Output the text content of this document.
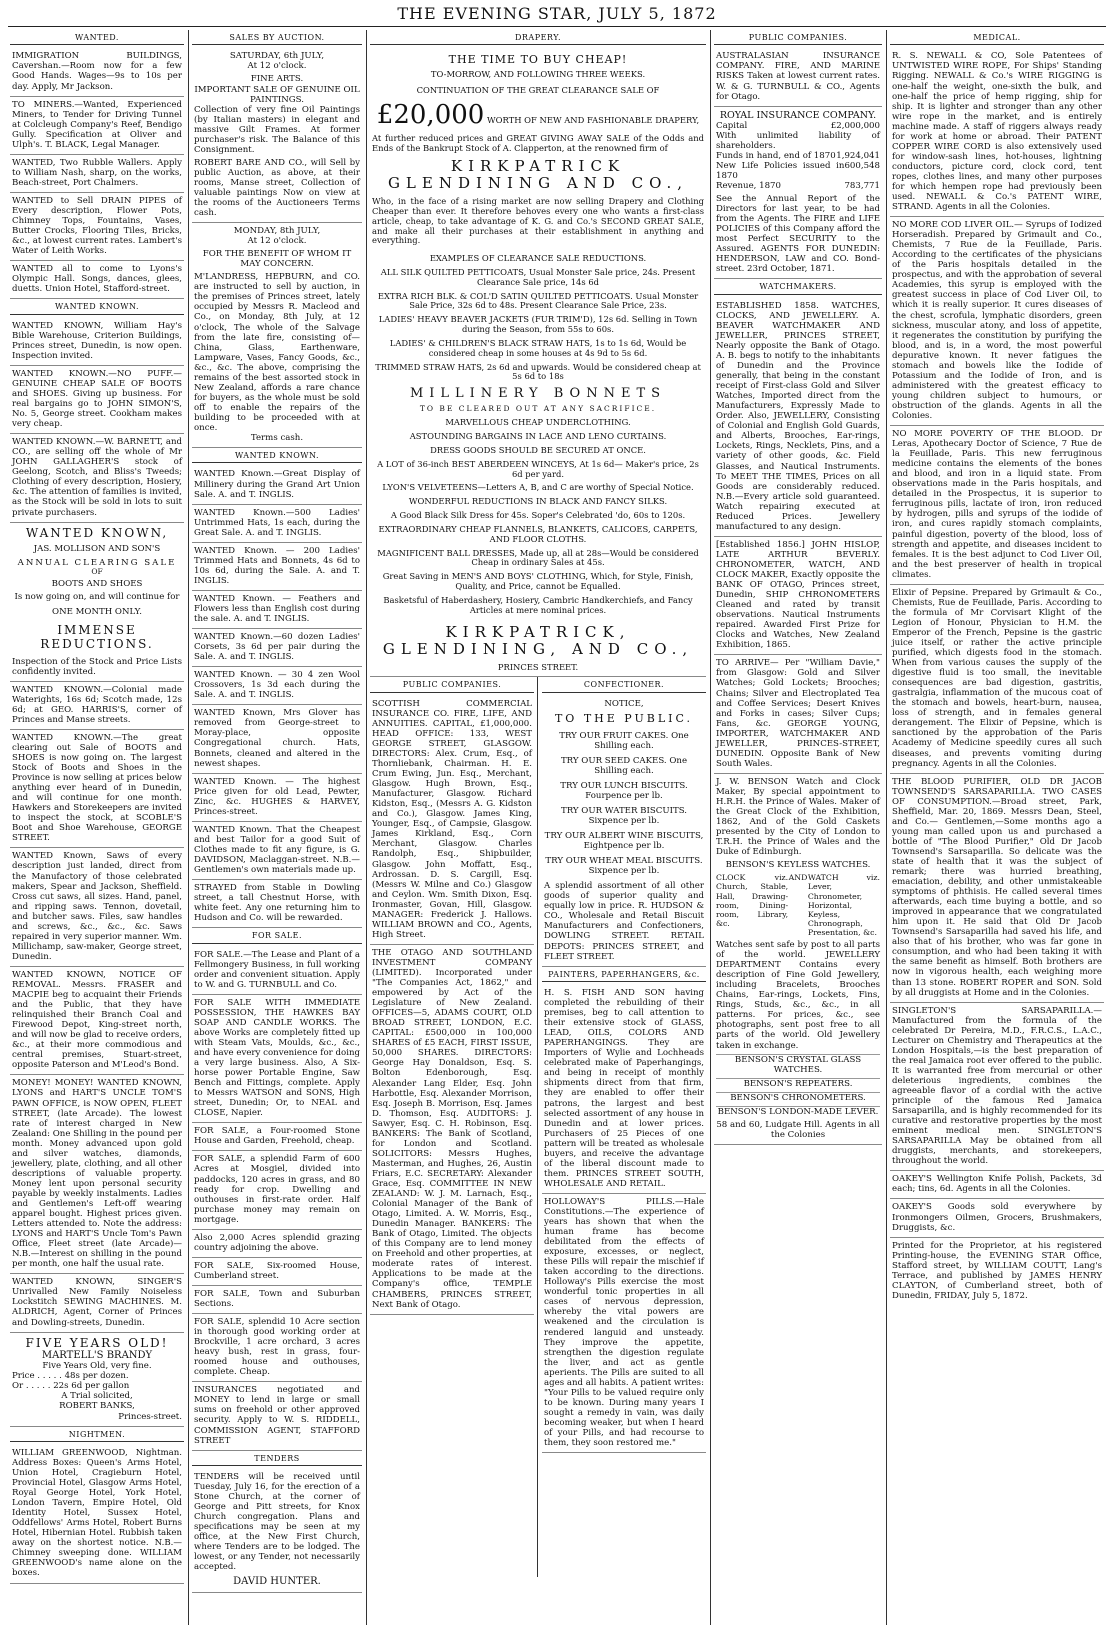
THE EVENING STAR, JULY 5, 1872
WANTED.

IMMIGRATION BUILDINGS, Cavershan.—Room now for a few Good Hands. Wages—9s to 10s per day. Apply, Mr Jackson.

TO MINERS.—Wanted, Experienced Miners, to Tender for Driving Tunnel at Colcleugh Company's Reef, Bendigo Gully. Specification at Oliver and Ulph's. T. BLACK, Legal Manager.

WANTED, Two Rubble Wallers. Apply to William Nash, sharp, on the works, Beach-street, Port Chalmers.

WANTED to Sell DRAIN PIPES of Every description, Flower Pots, Chimney Tops, Fountains, Vases, Butter Crocks, Flooring Tiles, Bricks, &c., at lowest current rates. Lambert's Water of Leith Works.

WANTED all to come to Lyons's Olympic Hall. Songs, dances, glees, duetts. Union Hotel, Stafford-street.

WANTED KNOWN.

WANTED KNOWN, William Hay's Bible Warehouse, Criterion Buildings, Princes street, Dunedin, is now open. Inspection invited.

WANTED KNOWN.—NO PUFF.— GENUINE CHEAP SALE OF BOOTS and SHOES. Giving up business. For real bargains go to JOHN SIMON'S, No. 5, George street. Cookham makes very cheap.

WANTED KNOWN.—W. BARNETT, and CO., are selling off the whole of Mr JOHN GALLAGHER'S stock of Geelong, Scotch, and Bliss's Tweeds; Clothing of every description, Hosiery, &c. The attention of families is invited, as the Stock will be sold in lots to suit private purchasers.

WANTED KNOWN,
JAS. MOLLISON AND SON'S
ANNUAL CLEARING SALE
OF
BOOTS AND SHOES
Is now going on, and will continue for
ONE MONTH ONLY.
IMMENSE REDUCTIONS.

Inspection of the Stock and Price Lists confidently invited.

WANTED KNOWN.—Colonial made Waterights, 16s 6d; Scotch made, 12s 6d; at GEO. HARRIS'S, corner of Princes and Manse streets.

WANTED KNOWN.—The great clearing out Sale of BOOTS and SHOES is now going on. The largest Stock of Boots and Shoes in the Province is now selling at prices below anything ever heard of in Dunedin, and will continue for one month. Hawkers and Storekeepers are invited to inspect the stock, at SCOBLE'S Boot and Shoe Warehouse, GEORGE STREET.

WANTED Known, Saws of every description just landed, direct from the Manufactory of those celebrated makers, Spear and Jackson, Sheffield. Cross cut saws, all sizes. Hand, panel, and ripping saws. Tennon, dovetail, and butcher saws. Files, saw handles and screws, &c., &c., &c. Saws repaired in very superior manner. Wm. Millichamp, saw-maker, George street, Dunedin.

WANTED KNOWN, NOTICE OF REMOVAL. Messrs. FRASER and MACPIE beg to acquaint their Friends and the Public, that they have relinquished their Branch Coal and Firewood Depot, King-street north, and will now be glad to receive orders, &c., at their more commodious and central premises, Stuart-street, opposite Paterson and M'Leod's Bond.

MONEY! MONEY! WANTED KNOWN, LYONS and HART'S UNCLE TOM'S PAWN OFFICE, is NOW OPEN, FLEET STREET, (late Arcade). The lowest rate of interest charged in New Zealand: One Shilling in the pound per month. Money advanced upon gold and silver watches, diamonds, jewellery, plate, clothing, and all other descriptions of valuable property. Money lent upon personal security payable by weekly instalments. Ladies and Gentlemen's Left-off wearing apparel bought. Highest prices given. Letters attended to. Note the address: LYONS and HART'S Uncle Tom's Pawn Office, Fleet street (late Arcade)— N.B.—Interest on shilling in the pound per month, one half the usual rate.

WANTED KNOWN, SINGER'S Unrivalled New Family Noiseless Lockstitch SEWING MACHINES. M. ALDRICH, Agent, Corner of Princes and Dowling-streets, Dunedin.

FIVE YEARS OLD!
MARTELL'S BRANDY
Five Years Old, very fine.
Price . . . . . 48s per dozen.
Or . . . . . 22s 6d per gallon
A Trial solicited,
ROBERT BANKS,
Princes-street.
NIGHTMEN.

WILLIAM GREENWOOD, Nightman. Address Boxes: Queen's Arms Hotel, Union Hotel, Cragieburn Hotel, Provincial Hotel, Glasgow Arms Hotel, Royal George Hotel, York Hotel, London Tavern, Empire Hotel, Old Identity Hotel, Sussex Hotel, Oddfellows' Arms Hotel, Robert Burns Hotel, Hibernian Hotel. Rubbish taken away on the shortest notice. N.B.—Chimney sweeping done. WILLIAM GREENWOOD's name alone on the boxes.

SALES BY AUCTION.
SATURDAY, 6th JULY,
At 12 o'clock.
FINE ARTS.
IMPORTANT SALE OF GENUINE OIL PAINTINGS.

Collection of very fine Oil Paintings (by Italian masters) in elegant and massive Gilt Frames. At former purchaser's risk. The Balance of this Consignment.

ROBERT BARE AND CO., will Sell by public Auction, as above, at their rooms, Manse street, Collection of valuable paintings Now on view at the rooms of the Auctioneers Terms cash.

MONDAY, 8th JULY,
At 12 o'clock.
FOR THE BENEFIT OF WHOM IT MAY CONCERN.

M'LANDRESS, HEPBURN, and CO. are instructed to sell by auction, in the premises of Princes street, lately occupied by Messrs R. Macleod and Co., on Monday, 8th July, at 12 o'clock, The whole of the Salvage from the late fire, consisting of— China, Glass, Earthenware, Lampware, Vases, Fancy Goods, &c., &c., &c. The above, comprising the remains of the best assorted stock in New Zealand, affords a rare chance for buyers, as the whole must be sold off to enable the repairs of the building to be proceeded with at once.

Terms cash.
WANTED KNOWN.

WANTED Known.—Great Display of Millinery during the Grand Art Union Sale. A. and T. INGLIS.

WANTED Known.—500 Ladies' Untrimmed Hats, 1s each, during the Great Sale. A. and T. INGLIS.

WANTED Known. — 200 Ladies' Trimmed Hats and Bonnets, 4s 6d to 10s 6d, during the Sale. A. and T. INGLIS.

WANTED Known. — Feathers and Flowers less than English cost during the sale. A. and T. INGLIS.

WANTED Known.—60 dozen Ladies' Corsets, 3s 6d per pair during the Sale. A. and T. INGLIS.

WANTED Known. — 30 4 zen Wool Crossovers, 1s 3d each during the Sale. A. and T. INGLIS.

WANTED Known, Mrs Glover has removed from George-street to Moray-place, opposite Congregational church. Hats, Bonnets, cleaned and altered in the newest shapes.

WANTED Known. — The highest Price given for old Lead, Pewter, Zinc, &c. HUGHES & HARVEY, Princes-street.

WANTED Known. That the Cheapest and best Tailor for a good Suit of Clothes made to fit any figure, is G. DAVIDSON, Maclaggan-street. N.B.—Gentlemen's own materials made up.

STRAYED from Stable in Dowling street, a tall Chestnut Horse, with white feet. Any one returning him to Hudson and Co. will be rewarded.

FOR SALE.

FOR SALE.—The Lease and Plant of a Fellmongery Business, in full working order and convenient situation. Apply to W. and G. TURNBULL and Co.

FOR SALE WITH IMMEDIATE POSSESSION, THE HAWKES BAY SOAP AND CANDLE WORKS. The above Works are completely fitted up with Steam Vats, Moulds, &c., &c., and have every convenience for doing a very large business. Also, A Six-horse power Portable Engine, Saw Bench and Fittings, complete. Apply to Messrs WATSON and SONS, High street, Dunedin; Or, to NEAL and CLOSE, Napier.

FOR SALE, a Four-roomed Stone House and Garden, Freehold, cheap.

FOR SALE, a splendid Farm of 600 Acres at Mosgiel, divided into paddocks, 120 acres in grass, and 80 ready for crop. Dwelling and outhouses in first-rate order. Half purchase money may remain on mortgage.

Also 2,000 Acres splendid grazing country adjoining the above.

FOR SALE, Six-roomed House, Cumberland street.

FOR SALE, Town and Suburban Sections.

FOR SALE, splendid 10 Acre section in thorough good working order at Brockville, 1 acre orchard, 3 acres heavy bush, rest in grass, four-roomed house and outhouses, complete. Cheap.

INSURANCES negotiated and MONEY to lend in large or small sums on freehold or other approved security. Apply to W. S. RIDDELL, COMMISSION AGENT, STAFFORD STREET

TENDERS

TENDERS will be received until Tuesday, July 16, for the erection of a Stone Church, at the corner of George and Pitt streets, for Knox Church congregation. Plans and specifications may be seen at my office, at the New First Church, where Tenders are to be lodged. The lowest, or any Tender, not necessarily accepted.

DAVID HUNTER.
DRAPERY.
THE TIME TO BUY CHEAP!
TO-MORROW, AND FOLLOWING THREE WEEKS.
CONTINUATION OF THE GREAT CLEARANCE SALE OF
£20,000 WORTH OF NEW AND FASHIONABLE DRAPERY,

At further reduced prices and GREAT GIVING AWAY SALE of the Odds and Ends of the Bankrupt Stock of A. Clapperton, at the renowned firm of

KIRKPATRICK GLENDINING AND CO.,

Who, in the face of a rising market are now selling Drapery and Clothing Cheaper than ever. It therefore behoves every one who wants a first-class article, cheap, to take advantage of K. G. and Co.'s SECOND GREAT SALE, and make all their purchases at their establishment in anything and everything.

EXAMPLES OF CLEARANCE SALE REDUCTIONS.
ALL SILK QUILTED PETTICOATS, Usual Monster Sale price, 24s. Present Clearance Sale price, 14s 6d
EXTRA RICH BLK. & COL'D SATIN QUILTED PETTICOATS. Usual Monster Sale Price, 32s 6d to 48s. Present Clearance Sale Price, 23s.
LADIES' HEAVY BEAVER JACKETS (FUR TRIM'D), 12s 6d. Selling in Town during the Season, from 55s to 60s.
LADIES' & CHILDREN'S BLACK STRAW HATS, 1s to 1s 6d, Would be considered cheap in some houses at 4s 9d to 5s 6d.
TRIMMED STRAW HATS, 2s 6d and upwards. Would be considered cheap at 5s 6d to 18s
MILLINERY BONNETS
TO BE CLEARED OUT AT ANY SACRIFICE.
MARVELLOUS CHEAP UNDERCLOTHING.
ASTOUNDING BARGAINS IN LACE AND LENO CURTAINS.
DRESS GOODS SHOULD BE SECURED AT ONCE.
A LOT of 36-inch BEST ABERDEEN WINCEYS, At 1s 6d— Maker's price, 2s 6d per yard.
LYON'S VELVETEENS—Letters A, B, and C are worthy of Special Notice.
WONDERFUL REDUCTIONS IN BLACK AND FANCY SILKS.
A Good Black Silk Dress for 45s. Soper's Celebrated 'do, 60s to 120s.
EXTRAORDINARY CHEAP FLANNELS, BLANKETS, CALICOES, CARPETS, AND FLOOR CLOTHS.
MAGNIFICENT BALL DRESSES, Made up, all at 28s—Would be considered Cheap in ordinary Sales at 45s.
Great Saving in MEN'S AND BOYS' CLOTHING, Which, for Style, Finish, Quality, and Price, cannot be Equalled.
Basketsful of Haberdashery, Hosiery, Cambric Handkerchiefs, and Fancy Articles at mere nominal prices.
KIRKPATRICK, GLENDINING, AND CO.,
PRINCES STREET.
PUBLIC COMPANIES.

SCOTTISH COMMERCIAL INSURANCE CO. FIRE, LIFE, AND ANNUITIES. CAPITAL, £1,000,000. HEAD OFFICE: 133, WEST GEORGE STREET, GLASGOW. DIRECTORS: Alex. Crum, Esq., of Thornliebank, Chairman. H. E. Crum Ewing, Jun. Esq., Merchant, Glasgow. Hugh Brown, Esq., Manufacturer, Glasgow. Richard Kidston, Esq., (Messrs A. G. Kidston and Co.), Glasgow. James King, Younger, Esq., of Campsie, Glasgow. James Kirkland, Esq., Corn Merchant, Glasgow. Charles Randolph, Esq., Shipbuilder, Glasgow. John Moffatt, Esq., Ardrossan. D. S. Cargill, Esq. (Messrs W. Milne and Co.) Glasgow and Ceylon. Wm. Smith Dixon, Esq. Ironmaster, Govan, Hill, Glasgow. MANAGER: Frederick J. Hallows. WILLIAM BROWN and CO., Agents, High Street.

THE OTAGO AND SOUTHLAND INVESTMENT COMPANY (LIMITED). Incorporated under "The Companies Act, 1862," and empowered by Act of the Legislature of New Zealand. OFFICES—5, ADAMS COURT, OLD BROAD STREET, LONDON, E.C. CAPITAL: £500,000 in 100,000 SHARES of £5 EACH, FIRST ISSUE, 50,000 SHARES. DIRECTORS: George Hay Donaldson, Esq. S. Bolton Edenborough, Esq. Alexander Lang Elder, Esq. John Harbottle, Esq. Alexander Morrison, Esq. Joseph B. Morrison, Esq. James D. Thomson, Esq. AUDITORS: J. Sawyer, Esq. C. H. Robinson, Esq. BANKERS: The Bank of Scotland, for London and Scotland. SOLICITORS: Messrs Hughes, Masterman, and Hughes, 26, Austin Friars, E.C. SECRETARY: Alexander Grace, Esq. COMMITTEE IN NEW ZEALAND: W. J. M. Larnach, Esq., Colonial Manager of the Bank of Otago, Limited. A. W. Morris, Esq., Dunedin Manager. BANKERS: The Bank of Otago, Limited. The objects of this Company are to lend money on Freehold and other properties, at moderate rates of interest. Applications to be made at the Company's office, TEMPLE CHAMBERS, PRINCES STREET, Next Bank of Otago.

CONFECTIONER.
NOTICE,
TO THE PUBLIC.
TRY OUR FRUIT CAKES. One Shilling each.
TRY OUR SEED CAKES. One Shilling each.
TRY OUR LUNCH BISCUITS. Fourpence per lb.
TRY OUR WATER BISCUITS. Sixpence per lb.
TRY OUR ALBERT WINE BISCUITS, Eightpence per lb.
TRY OUR WHEAT MEAL BISCUITS. Sixpence per lb.

A splendid assortment of all other goods of superior quality and equally low in price. R. HUDSON & CO., Wholesale and Retail Biscuit Manufacturers and Confectioners, DOWLING STREET. RETAIL DEPOTS: PRINCES STREET, and FLEET STREET.

PAINTERS, PAPERHANGERS, &c.

H. S. FISH AND SON having completed the rebuilding of their premises, beg to call attention to their extensive stock of GLASS, LEAD, OILS, COLORS AND PAPERHANGINGS. They are Importers of Wylie and Lochheads celebrated make of Paperhangings, and being in receipt of monthly shipments direct from that firm, they are enabled to offer their patrons, the largest and best selected assortment of any house in Dunedin and at lower prices. Purchasers of 25 Pieces of one pattern will be treated as wholesale buyers, and receive the advantage of the liberal discount made to them. PRINCES STREET SOUTH, WHOLESALE AND RETAIL.

HOLLOWAY'S PILLS.—Hale Constitutions.—The experience of years has shown that when the human frame has become debilitated from the effects of exposure, excesses, or neglect, these Pills will repair the mischief if taken according to the directions. Holloway's Pills exercise the most wonderful tonic properties in all cases of nervous depression, whereby the vital powers are weakened and the circulation is rendered languid and unsteady. They improve the appetite, strengthen the digestion regulate the liver, and act as gentle aperients. The Pills are suited to all ages and all habits. A patient writes: "Your Pills to be valued require only to be known. During many years I sought a remedy in vain, was daily becoming weaker, but when I heard of your Pills, and had recourse to them, they soon restored me."

PUBLIC COMPANIES.

AUSTRALASIAN INSURANCE COMPANY. FIRE, AND MARINE RISKS Taken at lowest current rates. W. & G. TURNBULL & CO., Agents for Otago.

ROYAL INSURANCE COMPANY.
Capital	£2,000,000
With unlimited liability of shareholders.
Funds in hand, end of 1870 1,924,041
New Life Policies issued in 1870
600,548
Revenue, 1870	783,771

See the Annual Report of the Directors for last year, to be had from the Agents. The FIRE and LIFE POLICIES of this Company afford the most Perfect SECURITY to the Assured. AGENTS FOR DUNEDIN: HENDERSON, LAW and CO. Bond-street. 23rd October, 1871.

WATCHMAKERS.

ESTABLISHED 1858. WATCHES, CLOCKS, AND JEWELLERY. A. BEAVER WATCHMAKER AND JEWELLER, PRINCES STREET, Nearly opposite the Bank of Otago. A. B. begs to notify to the inhabitants of Dunedin and the Province generally, that being in the constant receipt of First-class Gold and Silver Watches, Imported direct from the Manufacturers, Expressly Made to Order. Also, JEWELLERY, Consisting of Colonial and English Gold Guards, and Alberts, Brooches, Ear-rings, Lockets, Rings, Necklets, Pins, and a variety of other goods, &c. Field Glasses, and Nautical Instruments. To MEET THE TIMES, Prices on all Goods are considerably reduced. N.B.—Every article sold guaranteed. Watch repairing executed at Reduced Prices. Jewellery manufactured to any design.

[Established 1856.] JOHN HISLOP, LATE ARTHUR BEVERLY. CHRONOMETER, WATCH, AND CLOCK MAKER, Exactly opposite the BANK OF OTAGO, Princes street, Dunedin, SHIP CHRONOMETERS Cleaned and rated by transit observations. Nautical Instruments repaired. Awarded First Prize for Clocks and Watches, New Zealand Exhibition, 1865.

TO ARRIVE— Per "William Davie," from Glasgow: Gold and Silver Watches; Gold Lockets; Brooches; Chains; Silver and Electroplated Tea and Coffee Services; Desert Knives and Forks in cases; Silver Cups; Fans, &c. GEORGE YOUNG, IMPORTER, WATCHMAKER AND JEWELLER, PRINCES-STREET, DUNEDIN. Opposite Bank of New South Wales.

J. W. BENSON Watch and Clock Maker, By special appointment to H.R.H. the Prince of Wales. Maker of the Great Clock of the Exhibition, 1862, And of the Gold Caskets presented by the City of London to T.R.H. the Prince of Wales and the Duke of Edinburgh.

BENSON'S KEYLESS WATCHES.
CLOCK viz. Church, Stable, Hall, Drawing-room, Dining-room, Library, &c.
AND WATCH viz. Lever, Chronometer, Horizontal, Keyless, Chronograph, Presentation, &c.

Watches sent safe by post to all parts of the world. JEWELLERY DEPARTMENT Contains every description of Fine Gold Jewellery, including Bracelets, Brooches Chains, Ear-rings, Lockets, Fins, Rings, Studs, &c., &c., in all patterns. For prices, &c., see photographs, sent post free to all parts of the world. Old Jewellery taken in exchange.

BENSON'S CRYSTAL GLASS WATCHES.
BENSON'S REPEATERS.
BENSON'S CHRONOMETERS.
BENSON'S LONDON-MADE LEVER.
58 and 60, Ludgate Hill. Agents in all the Colonies
MEDICAL.

R. S. NEWALL & CO, Sole Patentees of UNTWISTED WIRE ROPE, For Ships' Standing Rigging. NEWALL & Co.'s WIRE RIGGING is one-half the weight, one-sixth the bulk, and one-half the price of hemp rigging, ship for ship. It is lighter and stronger than any other wire rope in the market, and is entirely machine made. A staff of riggers always ready for work at home or abroad. Their PATENT COPPER WIRE CORD is also extensively used for window-sash lines, hot-houses, lightning conductors, picture cord, clock cord, tent ropes, clothes lines, and many other purposes for which hempen rope had previously been used. NEWALL & Co.'s PATENT WIRE, STRAND. Agents in all the Colonies.

NO MORE COD LIVER OIL.— Syrups of Iodized Horseradish. Prepared by Grimault and Co., Chemists, 7 Rue de la Feuillade, Paris. According to the certificates of the physicians of the Paris hospitals detailed in the prospectus, and with the approbation of several Academies, this syrup is employed with the greatest success in place of Cod Liver Oil, to which it is really superior. It cures diseases of the chest, scrofula, lymphatic disorders, green sickness, muscular atony, and loss of appetite, it regenerates the constitution by purifying the blood, and is, in a word, the most powerful depurative known. It never fatigues the stomach and bowels like the Iodide of Potassium and the Iodide of Iron, and is administered with the greatest efficacy to young children subject to humours, or obstruction of the glands. Agents in all the Colonies.

NO MORE POVERTY OF THE BLOOD. Dr Leras, Apothecary Doctor of Science, 7 Rue de la Feuillade, Paris. This new ferruginous medicine contains the elements of the bones and blood, and iron in a liquid state. From observations made in the Paris hospitals, and detailed in the Prospectus, it is superior to ferruginous pills, lactate of iron, iron reduced by hydrogen, pills and syrups of the iodide of iron, and cures rapidly stomach complaints, painful digestion, poverty of the blood, loss of strength and appetite, and diseases incident to females. It is the best adjunct to Cod Liver Oil, and the best preserver of health in tropical climates.

Elixir of Pepsine. Prepared by Grimault & Co., Chemists, Rue de Feuillade, Paris. According to the formula of Mr Corvisart Klight of the Legion of Honour, Physician to H.M. the Emperor of the French, Pepsine is the gastric juice itself, or rather the active principle purified, which digests food in the stomach. When from various causes the supply of the digestive fluid is too small, the inevitable consequences are bad digestion, gastritis, gastralgia, inflammation of the mucous coat of the stomach and bowels, heart-burn, nausea, loss of strength, and in females general derangement. The Elixir of Pepsine, which is sanctioned by the approbation of the Paris Academy of Medicine speedily cures all such diseases, and prevents vomiting during pregnancy. Agents in all the Colonies.

THE BLOOD PURIFIER, OLD DR JACOB TOWNSEND'S SARSAPARILLA. TWO CASES OF CONSUMPTION.—Broad street, Park, Sheffield, Mar. 20, 1869. Messrs Dean, Steel, and Co.— Gentlemen,—Some months ago a young man called upon us and purchased a bottle of "The Blood Purifier," Old Dr Jacob Townsend's Sarsaparilla. So delicate was the state of health that it was the subject of remark; there was hurried breathing, emaciation, debility, and other unmistakeable symptoms of phthisis. He called several times afterwards, each time buying a bottle, and so improved in appearance that we congratulated him upon it. He said that Old Dr Jacob Townsend's Sarsaparilla had saved his life, and also that of his brother, who was far gone in consumption, and who had been taking it with the same benefit as himself. Both brothers are now in vigorous health, each weighing more than 13 stone. ROBERT ROPER and SON. Sold by all druggists at Home and in the Colonies.

SINGLETON'S SARSAPARILLA.— Manufactured from the formula of the celebrated Dr Pereira, M.D., F.R.C.S., L.A.C., Lecturer on Chemistry and Therapeutics at the London Hospitals,—is the best preparation of the real Jamaica root ever offered to the public. It is warranted free from mercurial or other deleterious ingredients, combines the agreeable flavor of a cordial with the active principle of the famous Red Jamaica Sarsaparilla, and is highly recommended for its curative and restorative properties by the most eminent medical men. SINGLETON'S SARSAPARILLA May be obtained from all druggists, merchants, and storekeepers, throughout the world.

OAKEY'S Wellington Knife Polish, Packets, 3d each; tins, 6d. Agents in all the Colonies.

OAKEY'S Goods sold everywhere by Ironmongers Oilmen, Grocers, Brushmakers, Druggists, &c.

Printed for the Proprietor, at his registered Printing-house, the EVENING STAR Office, Stafford street, by WILLIAM COUTT, Lang's Terrace, and published by JAMES HENRY CLAYTON, of Cumberland street, both of Dunedin, FRIDAY, July 5, 1872.
